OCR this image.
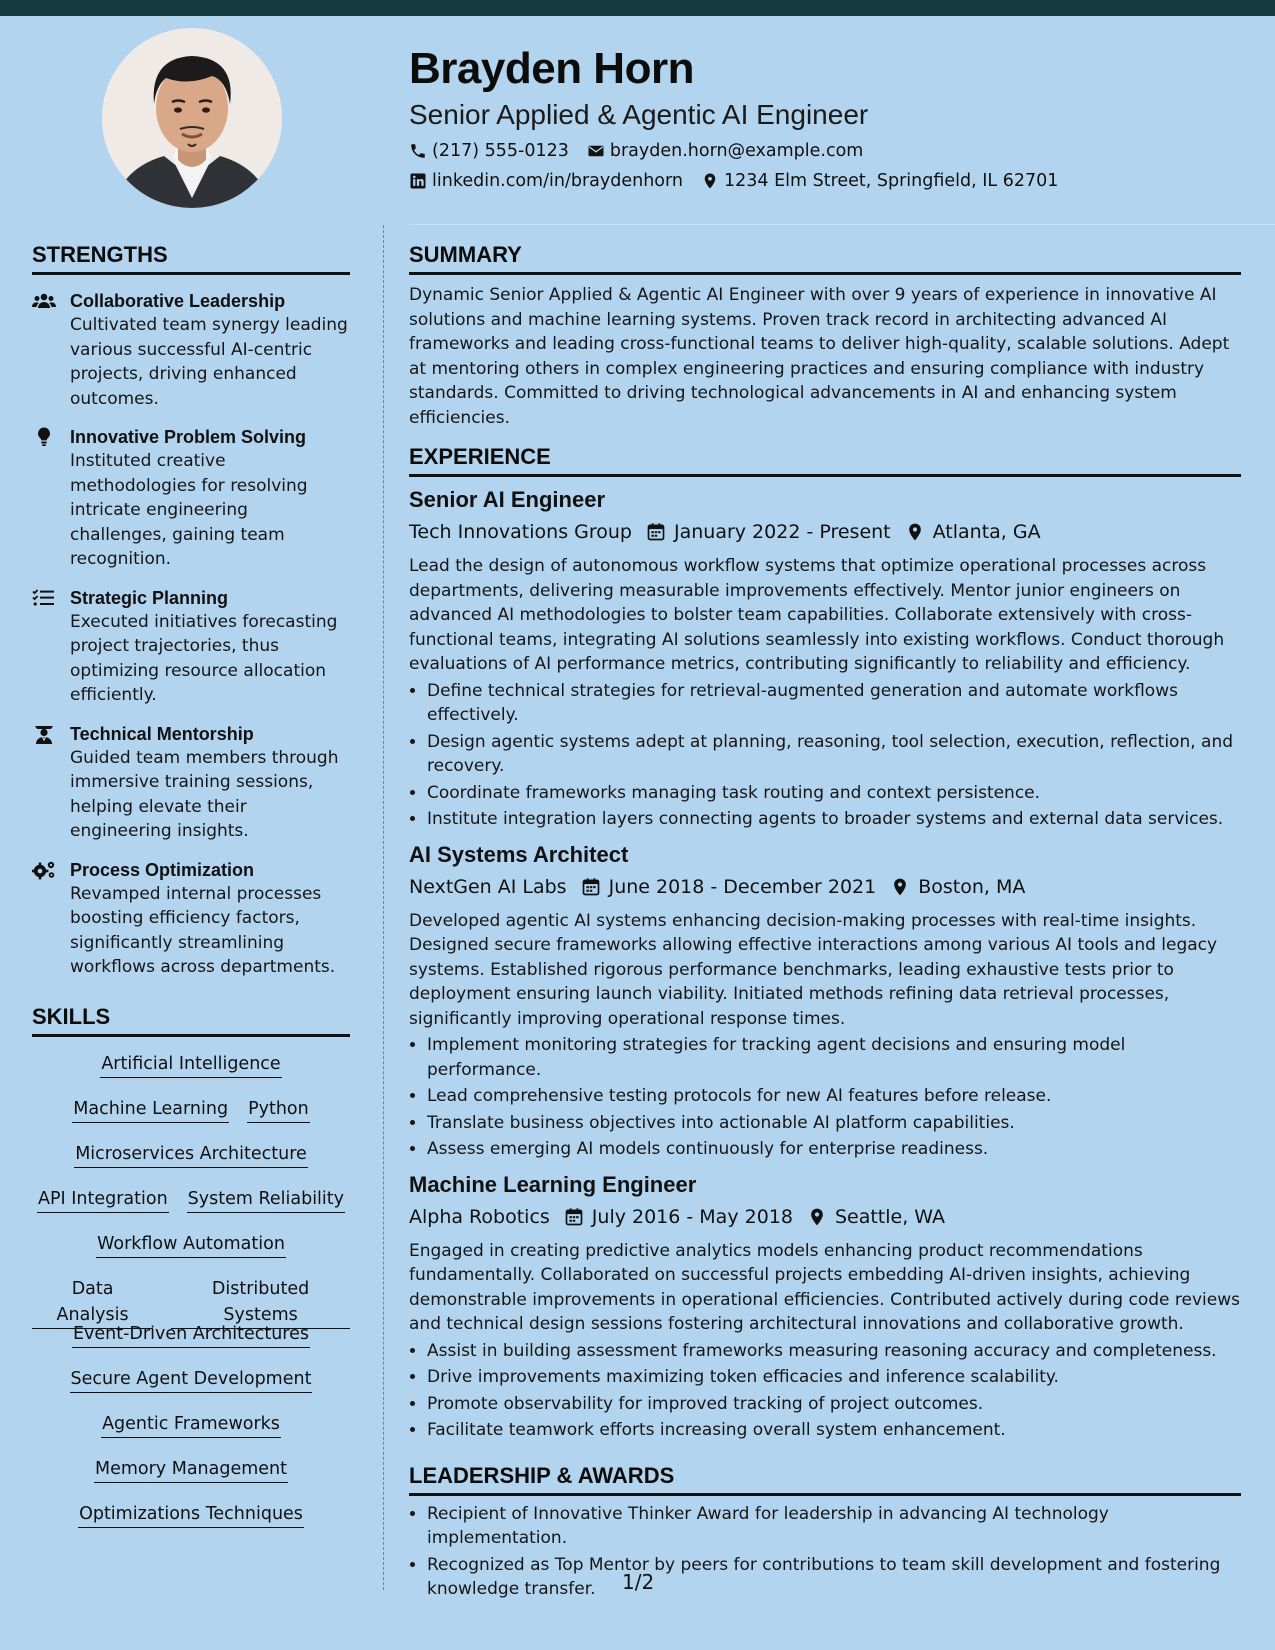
Brayden Horn
Senior Applied & Agentic AI Engineer
(217) 555-0123 brayden.horn@example.com
linkedin.com/in/braydenhorn 1234 Elm Street, Springfield, IL 62701
STRENGTHS
Collaborative Leadership
Cultivated team synergy leading various successful AI-centric projects, driving enhanced outcomes.
Innovative Problem Solving
Instituted creative methodologies for resolving intricate engineering challenges, gaining team recognition.
Strategic Planning
Executed initiatives forecasting project trajectories, thus optimizing resource allocation efficiently.
Technical Mentorship
Guided team members through immersive training sessions, helping elevate their engineering insights.
Process Optimization
Revamped internal processes boosting efficiency factors, significantly streamlining workflows across departments.
SKILLS
Artificial Intelligence
Machine Learning Python
Microservices Architecture
API Integration System Reliability
Workflow Automation
Data Analysis
Distributed Systems
Event-Driven Architectures
Secure Agent Development
Agentic Frameworks
Memory Management
Optimizations Techniques
SUMMARY
Dynamic Senior Applied & Agentic AI Engineer with over 9 years of experience in innovative AI solutions and machine learning systems. Proven track record in architecting advanced AI frameworks and leading cross-functional teams to deliver high-quality, scalable solutions. Adept at mentoring others in complex engineering practices and ensuring compliance with industry standards. Committed to driving technological advancements in AI and enhancing system efficiencies.
EXPERIENCE
Senior AI Engineer
Tech Innovations Group January 2022 - Present Atlanta, GA
Lead the design of autonomous workflow systems that optimize operational processes across departments, delivering measurable improvements effectively. Mentor junior engineers on advanced AI methodologies to bolster team capabilities. Collaborate extensively with cross-functional teams, integrating AI solutions seamlessly into existing workflows. Conduct thorough evaluations of AI performance metrics, contributing significantly to reliability and efficiency.
• Define technical strategies for retrieval-augmented generation and automate workflows effectively.
• Design agentic systems adept at planning, reasoning, tool selection, execution, reflection, and recovery.
• Coordinate frameworks managing task routing and context persistence.
• Institute integration layers connecting agents to broader systems and external data services.
AI Systems Architect
NextGen AI Labs June 2018 - December 2021 Boston, MA
Developed agentic AI systems enhancing decision-making processes with real-time insights. Designed secure frameworks allowing effective interactions among various AI tools and legacy systems. Established rigorous performance benchmarks, leading exhaustive tests prior to deployment ensuring launch viability. Initiated methods refining data retrieval processes, significantly improving operational response times.
• Implement monitoring strategies for tracking agent decisions and ensuring model performance.
• Lead comprehensive testing protocols for new AI features before release.
• Translate business objectives into actionable AI platform capabilities.
• Assess emerging AI models continuously for enterprise readiness.
Machine Learning Engineer
Alpha Robotics July 2016 - May 2018 Seattle, WA
Engaged in creating predictive analytics models enhancing product recommendations fundamentally. Collaborated on successful projects embedding AI-driven insights, achieving demonstrable improvements in operational efficiencies. Contributed actively during code reviews and technical design sessions fostering architectural innovations and collaborative growth.
• Assist in building assessment frameworks measuring reasoning accuracy and completeness.
• Drive improvements maximizing token efficacies and inference scalability.
• Promote observability for improved tracking of project outcomes.
• Facilitate teamwork efforts increasing overall system enhancement.
LEADERSHIP & AWARDS
• Recipient of Innovative Thinker Award for leadership in advancing AI technology implementation.
• Recognized as Top Mentor by peers for contributions to team skill development and fostering knowledge transfer.	1/2
